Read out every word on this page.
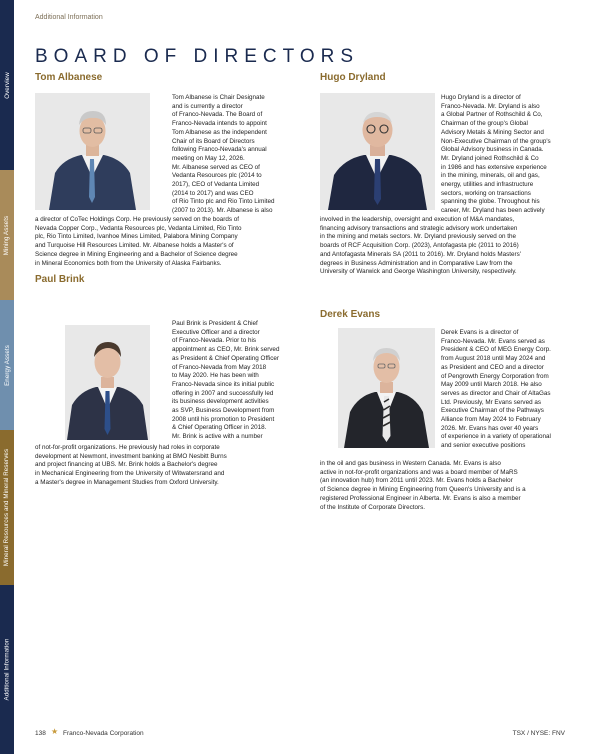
Overview
Mining Assets
Energy Assets
Mineral Resources and Mineral Reserves
Additional Information
Additional Information
BOARD OF DIRECTORS
Tom Albanese	Hugo Dryland
Paul Brink
Derek Evans

Tom Albanese is Chair Designate
and is currently a director
of Franco-Nevada. The Board of
Franco-Nevada intends to appoint
Tom Albanese as the independent
Chair of its Board of Directors
following Franco-Nevada's annual
meeting on May 12, 2026.
Mr. Albanese served as CEO of
Vedanta Resources plc (2014 to
2017), CEO of Vedanta Limited
(2014 to 2017) and was CEO
of Rio Tinto plc and Rio Tinto Limited
(2007 to 2013). Mr. Albanese is also

a director of CoTec Holdings Corp. He previously served on the boards of
Nevada Copper Corp., Vedanta Resources plc, Vedanta Limited, Rio Tinto
plc, Rio Tinto Limited, Ivanhoe Mines Limited, Palabora Mining Company
and Turquoise Hill Resources Limited. Mr. Albanese holds a Master's of
Science degree in Mining Engineering and a Bachelor of Science degree
in Mineral Economics both from the University of Alaska Fairbanks.

Hugo Dryland is a director of
Franco-Nevada. Mr. Dryland is also
a Global Partner of Rothschild & Co,
Chairman of the group's Global
Advisory Metals & Mining Sector and
Non-Executive Chairman of the group's
Global Advisory business in Canada.
Mr. Dryland joined Rothschild & Co
in 1986 and has extensive experience
in the mining, minerals, oil and gas,
energy, utilities and infrastructure
sectors, working on transactions
spanning the globe. Throughout his
career, Mr. Dryland has been actively

involved in the leadership, oversight and execution of M&A mandates,
financing advisory transactions and strategic advisory work undertaken
in the mining and metals sectors. Mr. Dryland previously served on the
boards of RCF Acquisition Corp. (2023), Antofagasta plc (2011 to 2016)
and Antofagasta Minerals SA (2011 to 2016). Mr. Dryland holds Masters'
degrees in Business Administration and in Comparative Law from the
University of Warwick and George Washington University, respectively.

Paul Brink is President & Chief
Executive Officer and a director
of Franco-Nevada. Prior to his
appointment as CEO, Mr. Brink served
as President & Chief Operating Officer
of Franco-Nevada from May 2018
to May 2020. He has been with
Franco-Nevada since its initial public
offering in 2007 and successfully led
its business development activities
as SVP, Business Development from
2008 until his promotion to President
& Chief Operating Officer in 2018.
Mr. Brink is active with a number

of not-for-profit organizations. He previously had roles in corporate
development at Newmont, investment banking at BMO Nesbitt Burns
and project financing at UBS. Mr. Brink holds a Bachelor's degree
in Mechanical Engineering from the University of Witwatersrand and
a Master's degree in Management Studies from Oxford University.

Derek Evans is a director of
Franco-Nevada. Mr. Evans served as
President & CEO of MEG Energy Corp.
from August 2018 until May 2024 and
as President and CEO and a director
of Pengrowth Energy Corporation from
May 2009 until March 2018. He also
serves as director and Chair of AltaGas
Ltd. Previously, Mr Evans served as
Executive Chairman of the Pathways
Alliance from May 2024 to February
2026. Mr. Evans has over 40 years
of experience in a variety of operational
and senior executive positions

in the oil and gas business in Western Canada. Mr. Evans is also
active in not-for-profit organizations and was a board member of MaRS
(an innovation hub) from 2011 until 2023. Mr. Evans holds a Bachelor
of Science degree in Mining Engineering from Queen's University and is a
registered Professional Engineer in Alberta. Mr. Evans is also a member
of the Institute of Corporate Directors.

138 ★ Franco-Nevada Corporation	TSX / NYSE: FNV
